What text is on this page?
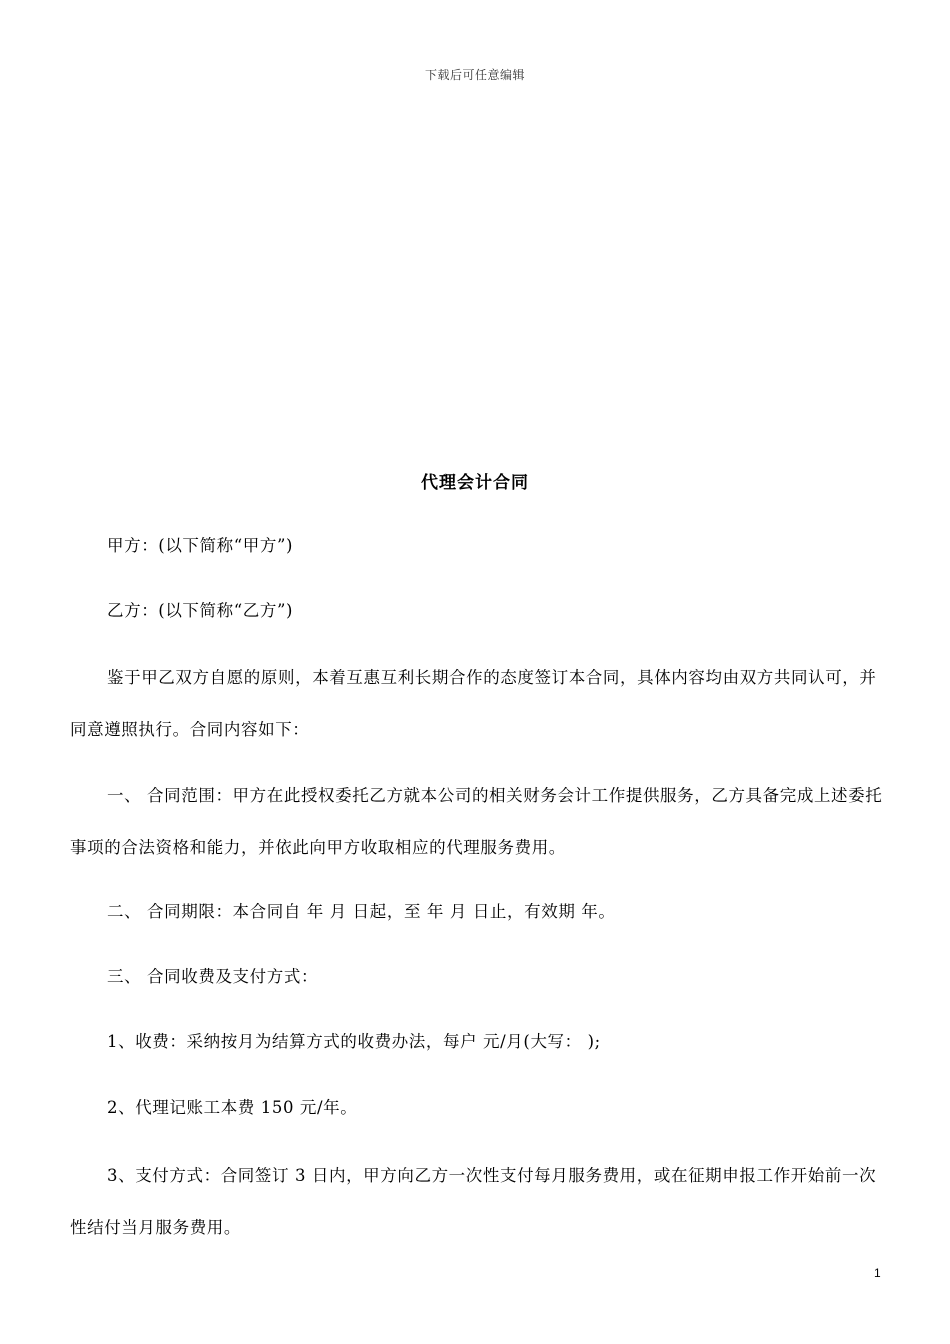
下载后可任意编辑
代理会计合同

甲方：(以下简称“甲方”)

乙方：(以下简称“乙方”)

鉴于甲乙双方自愿的原则，本着互惠互利长期合作的态度签订本合同，具体内容均由双方共同认可，并同意遵照执行。合同内容如下：

一、 合同范围：甲方在此授权委托乙方就本公司的相关财务会计工作提供服务，乙方具备完成上述委托事项的合法资格和能力，并依此向甲方收取相应的代理服务费用。

二、 合同期限：本合同自 年 月 日起，至 年 月 日止，有效期 年。

三、 合同收费及支付方式：

1、收费：采纳按月为结算方式的收费办法，每户 元/月(大写： );

2、代理记账工本费 150 元/年。

3、支付方式：合同签订 3 日内，甲方向乙方一次性支付每月服务费用，或在征期申报工作开始前一次性结付当月服务费用。

1
